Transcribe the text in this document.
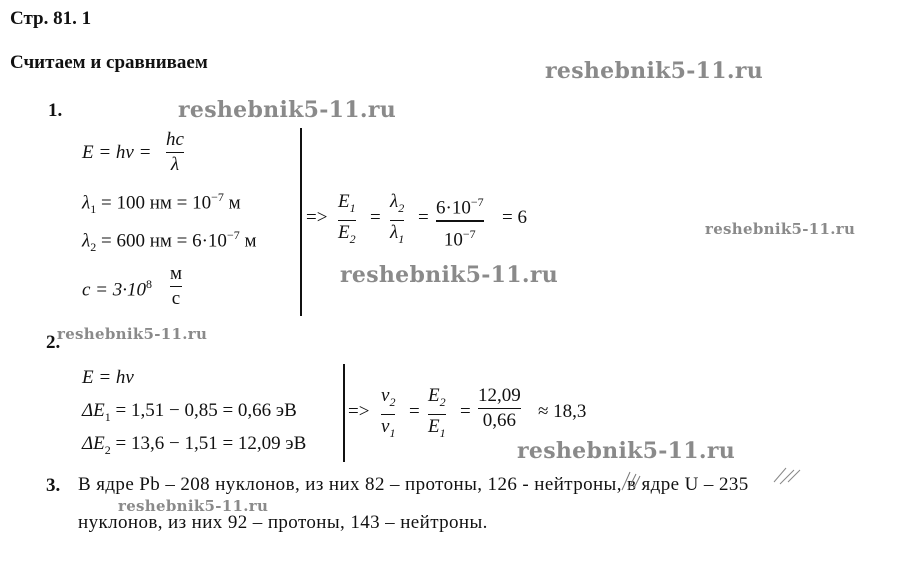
Стр. 81. 1
Считаем и сравниваем	reshebnik5-11.ru
reshebnik5-11.ru
reshebnik5-11.ru
reshebnik5-11.ru
reshebnik5-11.ru
reshebnik5-11.ru
reshebnik5-11.ru
1.
E = hν =
hc
λ
$\lambda_1 = 100$ нм = $10^{-7}$ м
$\lambda_2 = 600$ нм = $6\cdot 10^{-7}$ м
$c = 3\cdot 10^8$ м
с
=>
$E_1$
$E_2$
=
$\lambda_2$
$\lambda_1$
= $6\cdot 10^{-7}$
$10^{-7}$
= 6
2.
E = hν
$\Delta E_1 = 1,51 - 0,85 = 0,66$ эВ
$\Delta E_2 = 13,6 - 1,51 = 12,09$ эВ
=>
$\nu_2$
$\nu_1$
=
$E_2$
$E_1$
=
12,09
0,66 ≈ 18,3
3. В ядре Pb – 208 нуклонов, из них 82 – протоны, 126 - нейтроны, в ядре U – 235
нуклонов, из них 92 – протоны, 143 – нейтроны.
